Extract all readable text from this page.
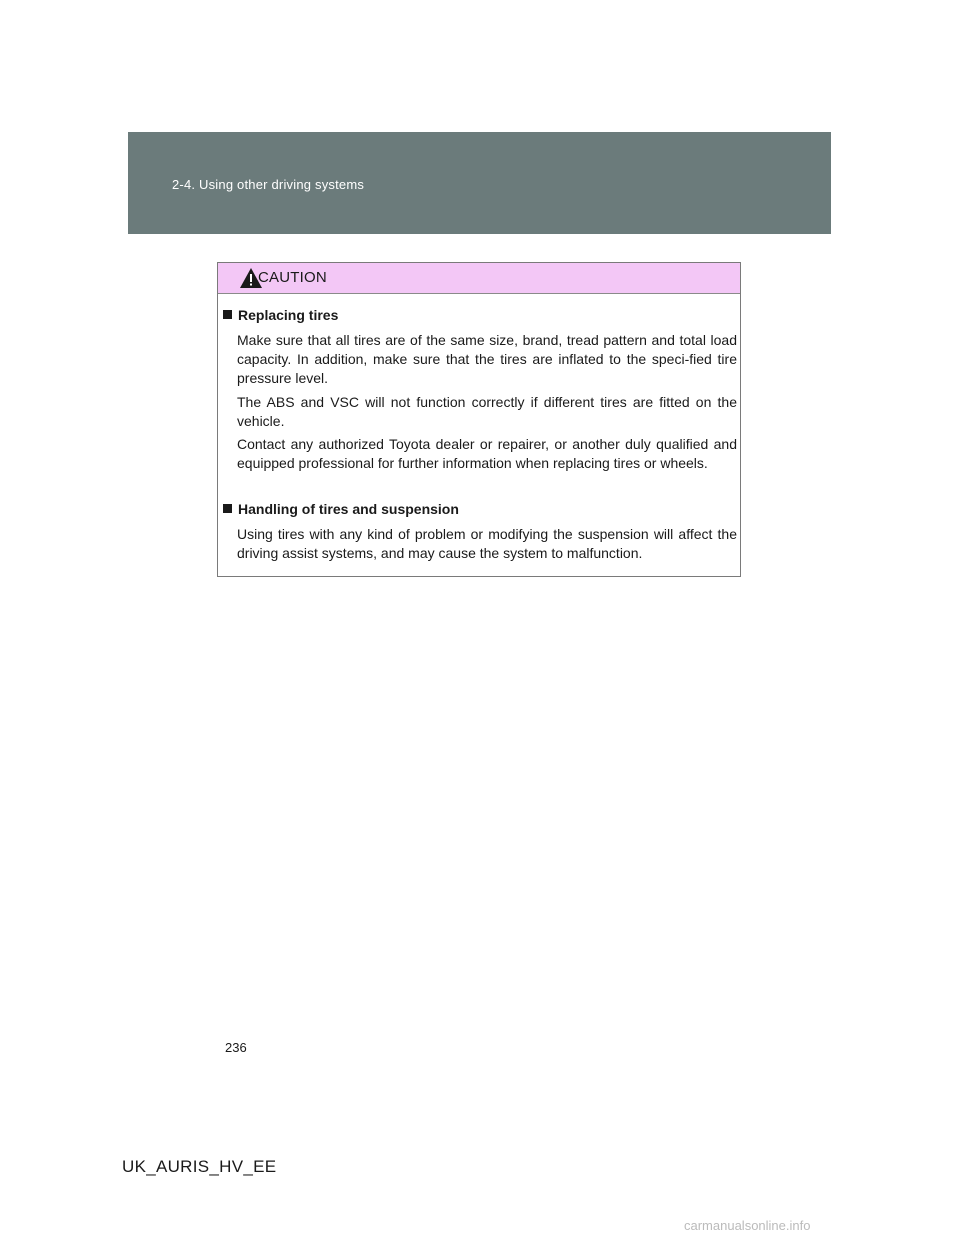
2-4. Using other driving systems
CAUTION
Replacing tires
Make sure that all tires are of the same size, brand, tread pattern and total load capacity. In addition, make sure that the tires are inflated to the speci-fied tire pressure level.
The ABS and VSC will not function correctly if different tires are fitted on the vehicle.
Contact any authorized Toyota dealer or repairer, or another duly qualified and equipped professional for further information when replacing tires or wheels.
Handling of tires and suspension
Using tires with any kind of problem or modifying the suspension will affect the driving assist systems, and may cause the system to malfunction.
236
UK_AURIS_HV_EE
carmanualsonline.info
